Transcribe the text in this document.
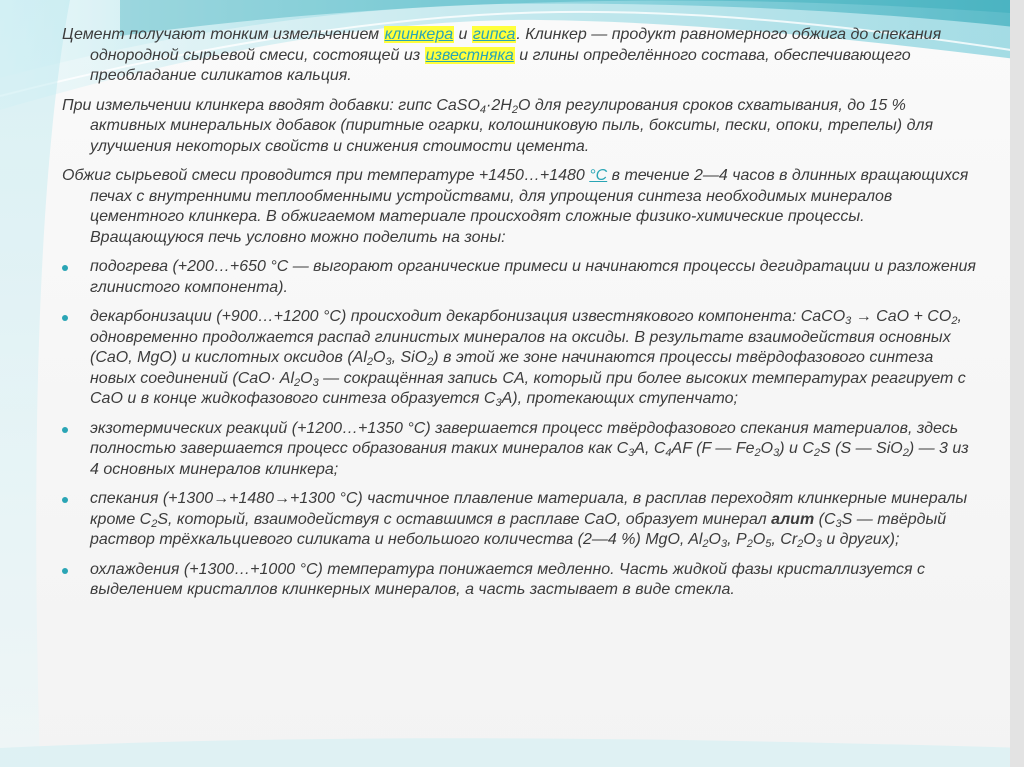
Цемент получают тонким измельчением клинкера и гипса. Клинкер — продукт равномерного обжига до спекания однородной сырьевой смеси, состоящей из известняка и глины определённого состава, обеспечивающего преобладание силикатов кальция.

При измельчении клинкера вводят добавки: гипс $CaSO_4\cdot 2H_2O$ для регулирования сроков схватывания, до 15 % активных минеральных добавок (пиритные огарки, колошниковую пыль, бокситы, пески, опоки, трепелы) для улучшения некоторых свойств и снижения стоимости цемента.

Обжиг сырьевой смеси проводится при температуре +1450…+1480 °C в течение 2—4 часов в длинных вращающихся печах с внутренними теплообменными устройствами, для упрощения синтеза необходимых минералов цементного клинкера. В обжигаемом материале происходят сложные физико-химические процессы. Вращающуюся печь условно можно поделить на зоны:

подогрева (+200…+650 °С — выгорают органические примеси и начинаются процессы дегидратации и разложения глинистого компонента).
декарбонизации (+900…+1200 °С) происходит декарбонизация известнякового компонента: CaCO$_3$ → CaO + $CO_2$, одновременно продолжается распад глинистых минералов на оксиды. В результате взаимодействия основных (CaO, MgO) и кислотных оксидов ($Al_2O_3$, SiO$_2$) в этой же зоне начинаются процессы твёрдофазового синтеза новых соединений ($CaO\cdot Al_2O_3$ — сокращённая запись CA, который при более высоких температурах реагирует с CaO и в конце жидкофазового синтеза образуется $C_3A$), протекающих ступенчато;
экзотермических реакций (+1200…+1350 °С) завершается процесс твёрдофазового спекания материалов, здесь полностью завершается процесс образования таких минералов как $C_3A$, $C_4AF$ (F — $Fe_2O_3$) и $C_2S$ (S — SiO$_2$) — 3 из 4 основных минералов клинкера;
спекания (+1300→+1480→+1300 °С) частичное плавление материала, в расплав переходят клинкерные минералы кроме $C_2S$, который, взаимодействуя с оставшимся в расплаве CaO, образует минерал алит ($C_3S$ — твёрдый раствор трёхкальциевого силиката и небольшого количества (2—4 %) MgO, $Al_2O_3$, $P_2O_5$, $Cr_2O_3$ и других);
охлаждения (+1300…+1000 °С) температура понижается медленно. Часть жидкой фазы кристаллизуется с выделением кристаллов клинкерных минералов, а часть застывает в виде стекла.
